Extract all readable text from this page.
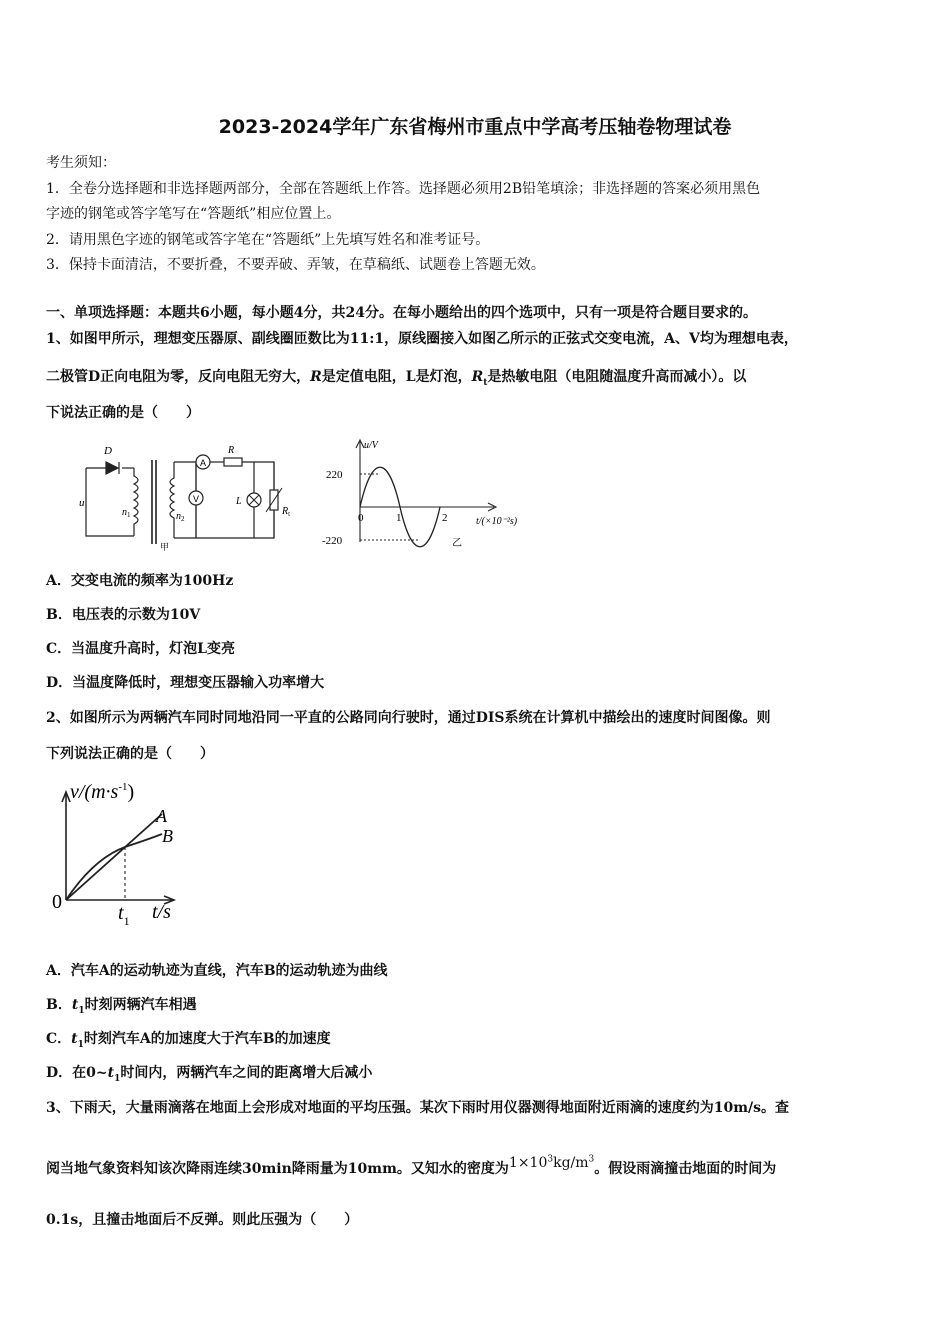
2023-2024学年广东省梅州市重点中学高考压轴卷物理试卷
考生须知：
1．全卷分选择题和非选择题两部分，全部在答题纸上作答。选择题必须用2B铅笔填涂；非选择题的答案必须用黑色
字迹的钢笔或答字笔写在“答题纸”相应位置上。
2．请用黑色字迹的钢笔或答字笔在“答题纸”上先填写姓名和准考证号。
3．保持卡面清洁，不要折叠，不要弄破、弄皱，在草稿纸、试题卷上答题无效。
一、单项选择题：本题共6小题，每小题4分，共24分。在每小题给出的四个选项中，只有一项是符合题目要求的。
1、如图甲所示，理想变压器原、副线圈匝数比为11:1，原线圈接入如图乙所示的正弦式交变电流，A、V均为理想电表，
二极管D正向电阻为零，反向电阻无穷大，R是定值电阻，L是灯泡，$R_t$是热敏电阻（电阻随温度升高而减小）。以
下说法正确的是（　　）
A
R
V	L
$R_t$
D
u
$n_1$	$n_2$
甲
u/V
220
-220
0	1	2	t/(×10⁻²s)
乙
A．交变电流的频率为100Hz
B．电压表的示数为10V
C．当温度升高时，灯泡L变亮
D．当温度降低时，理想变压器输入功率增大
2、如图所示为两辆汽车同时同地沿同一平直的公路同向行驶时，通过DIS系统在计算机中描绘出的速度时间图像。则
下列说法正确的是（　　）
$v/(m\cdot s^{-1})$
A
B
0	$t_1$ t/s
A．汽车A的运动轨迹为直线，汽车B的运动轨迹为曲线
B．$t_1$时刻两辆汽车相遇
C．$t_1$时刻汽车A的加速度大于汽车B的加速度
D．在$0\sim t_1$时间内，两辆汽车之间的距离增大后减小
3、下雨天，大量雨滴落在地面上会形成对地面的平均压强。某次下雨时用仪器测得地面附近雨滴的速度约为10m/s。查
阅当地气象资料知该次降雨连续30min降雨量为10mm。又知水的密度为$1\times 10^3kg/m^3$。假设雨滴撞击地面的时间为
0.1s，且撞击地面后不反弹。则此压强为（　　）
